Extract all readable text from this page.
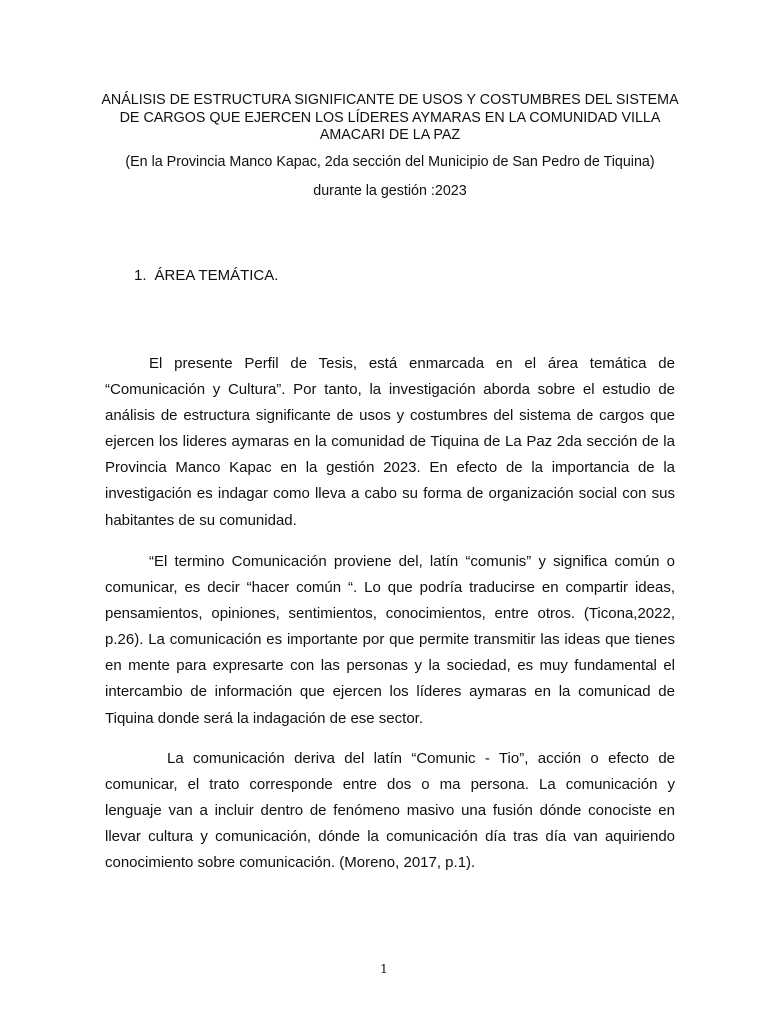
ANÁLISIS DE ESTRUCTURA SIGNIFICANTE DE USOS Y COSTUMBRES DEL SISTEMA
DE CARGOS QUE EJERCEN LOS LÍDERES AYMARAS EN LA COMUNIDAD VILLA
AMACARI DE LA PAZ
(En la Provincia Manco Kapac, 2da sección del Municipio de San Pedro de Tiquina)
durante la gestión :2023
1. ÁREA TEMÁTICA.
El presente Perfil de Tesis, está enmarcada en el área temática de
“Comunicación y Cultura”. Por tanto, la investigación aborda sobre el estudio de
análisis de estructura significante de usos y costumbres del sistema de cargos que
ejercen los lideres aymaras en la comunidad de Tiquina de La Paz 2da sección de la
Provincia Manco Kapac en la gestión 2023. En efecto de la importancia de la
investigación es indagar como lleva a cabo su forma de organización social con sus
habitantes de su comunidad.
“El termino Comunicación proviene del, latín “comunis” y significa común o
comunicar, es decir “hacer común “. Lo que podría traducirse en compartir ideas,
pensamientos, opiniones, sentimientos, conocimientos, entre otros. (Ticona,2022,
p.26). La comunicación es importante por que permite transmitir las ideas que tienes
en mente para expresarte con las personas y la sociedad, es muy fundamental el
intercambio de información que ejercen los líderes aymaras en la comunicad de
Tiquina donde será la indagación de ese sector.
La comunicación deriva del latín “Comunic - Tio”, acción o efecto de
comunicar, el trato corresponde entre dos o ma persona. La comunicación y
lenguaje van a incluir dentro de fenómeno masivo una fusión dónde conociste en
llevar cultura y comunicación, dónde la comunicación día tras día van aquiriendo
conocimiento sobre comunicación. (Moreno, 2017, p.1).
1
